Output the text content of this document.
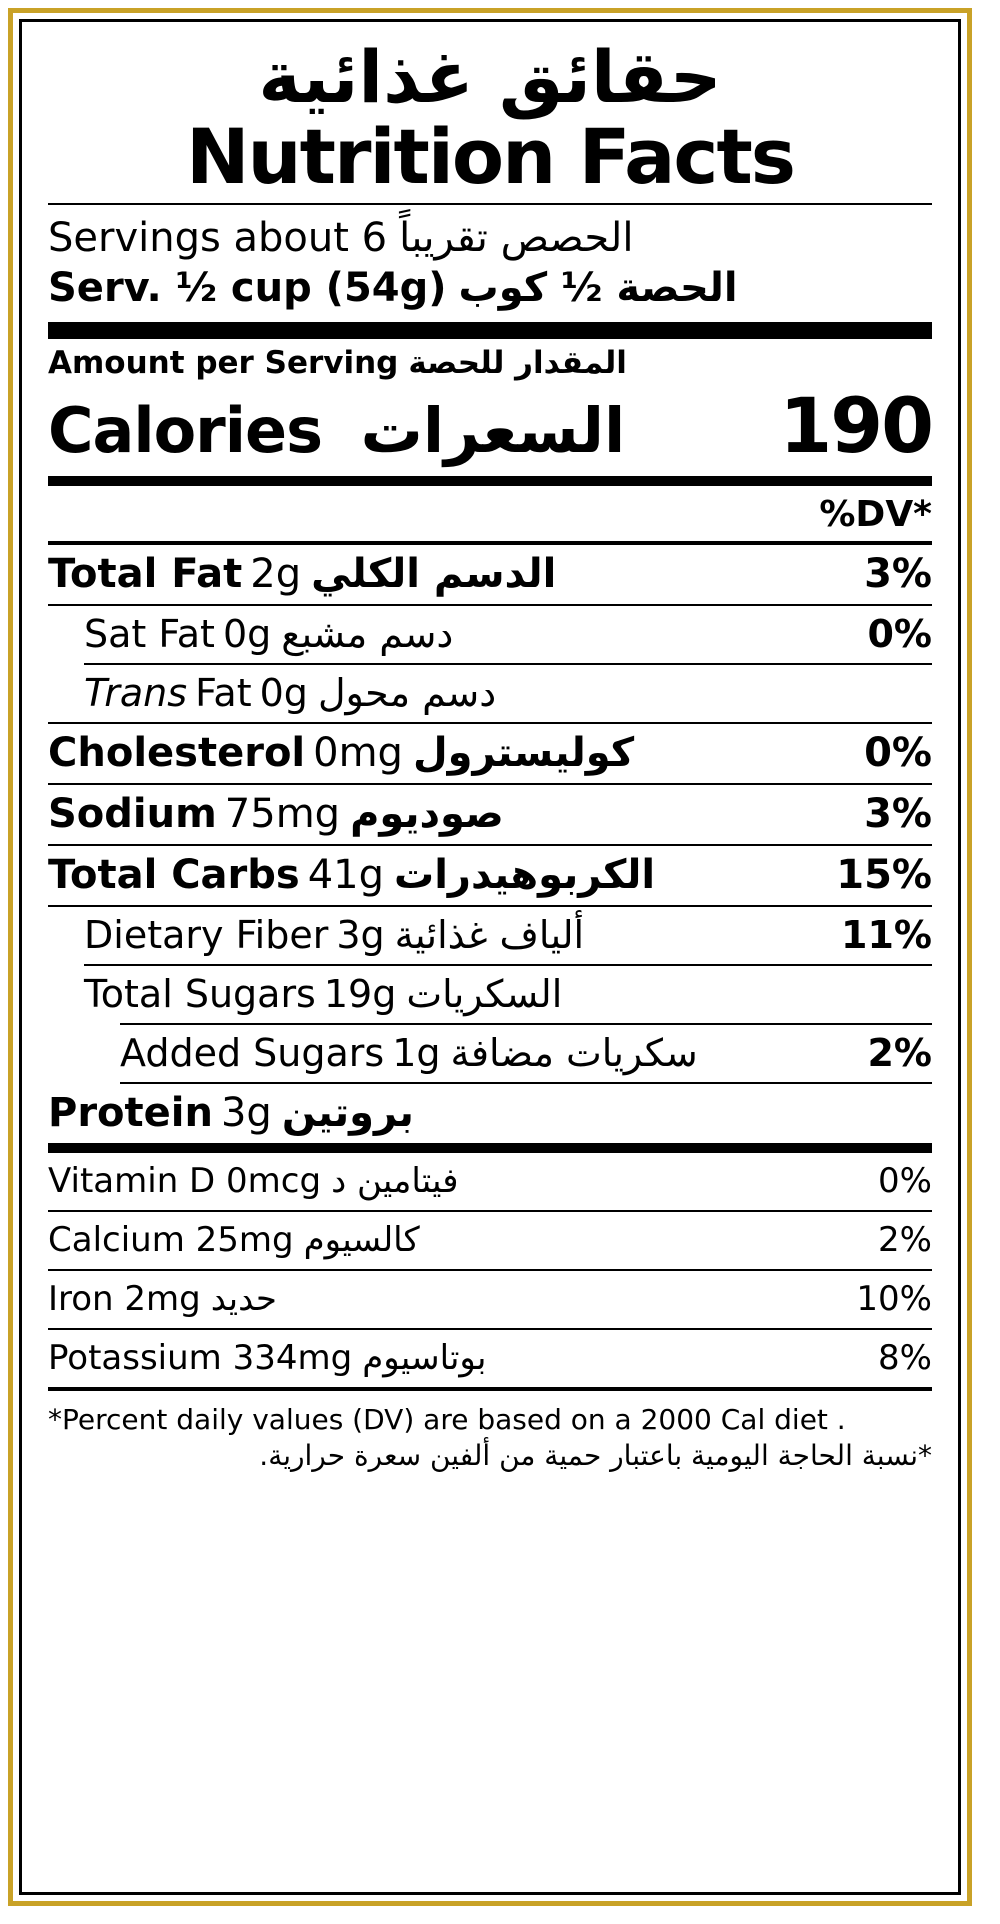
حقائق غذائية
Nutrition Facts
Servings about 6 الحصص تقريباً
Serv. ½ cup (54g) الحصة ½ كوب
Amount per Serving المقدار للحصة
Calories السعرات 190
%DV*
Total Fat 2g الدسم الكلي	3%
Sat Fat 0g دسم مشبع	0%
Trans Fat 0g دسم محول
Cholesterol 0mg كوليسترول	0%
Sodium 75mg صوديوم	3%
Total Carbs 41g الكربوهيدرات	15%
Dietary Fiber 3g ألياف غذائية	11%
Total Sugars 19g السكريات
Added Sugars 1g سكريات مضافة	2%
Protein 3g بروتين
Vitamin D 0mcg فيتامين د	0%
Calcium 25mg كالسيوم	2%
Iron 2mg حديد	10%
Potassium 334mg بوتاسيوم	8%
*Percent daily values (DV) are based on a 2000 Cal diet .
*نسبة الحاجة اليومية باعتبار حمية من ألفين سعرة حرارية.
